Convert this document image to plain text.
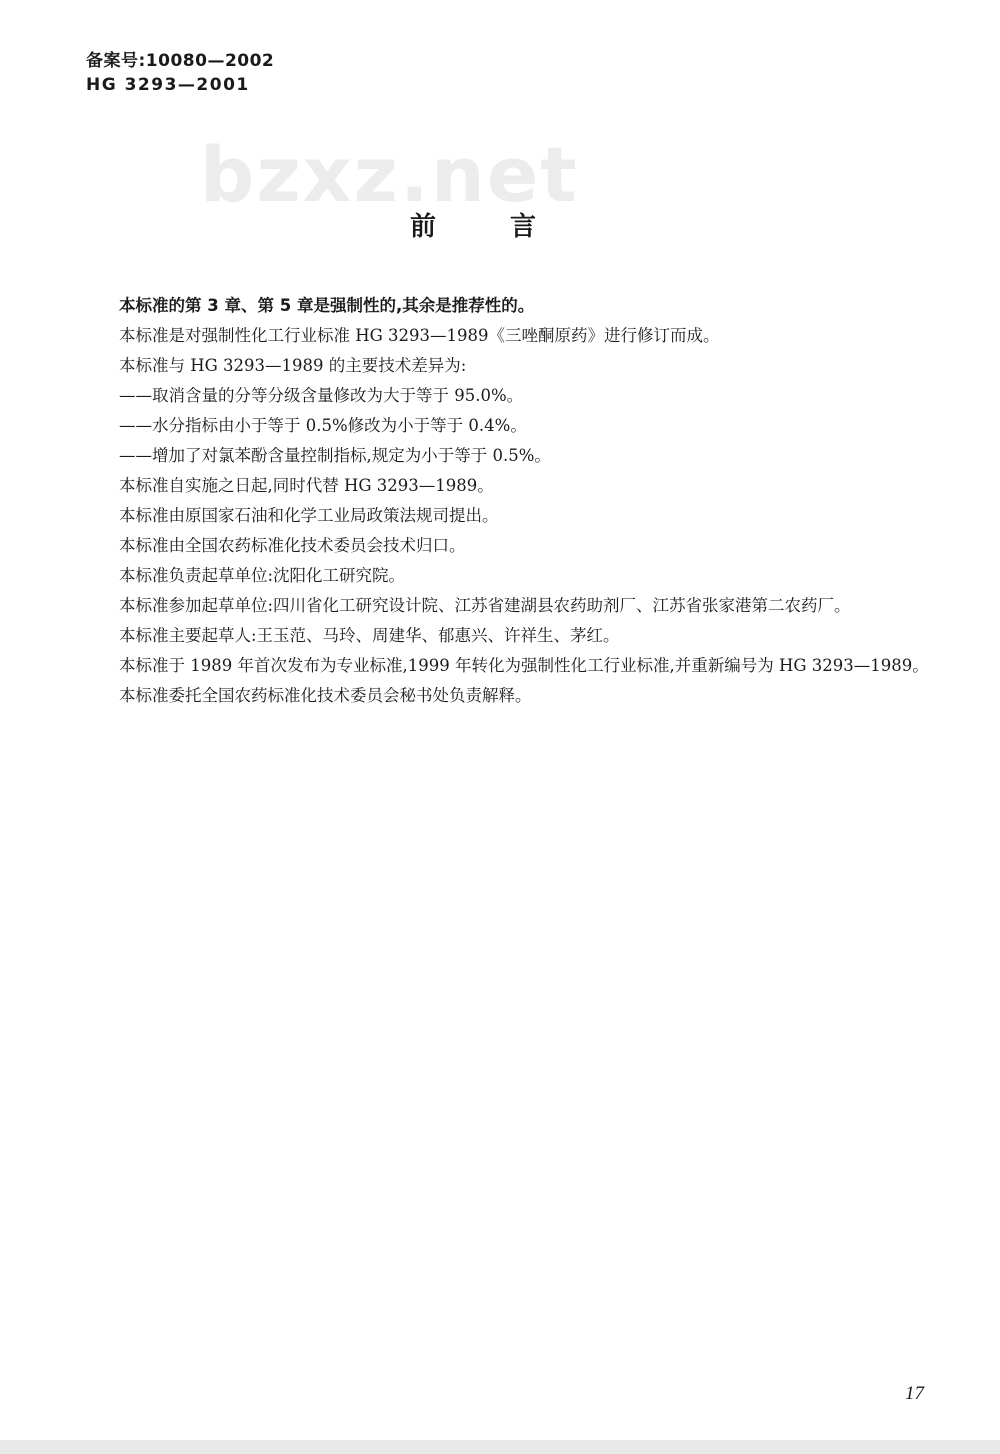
备案号:10080—2002
HG 3293—2001
bzxz.net
前言

本标准的第 3 章、第 5 章是强制性的,其余是推荐性的。

本标准是对强制性化工行业标准 HG 3293—1989《三唑酮原药》进行修订而成。

本标准与 HG 3293—1989 的主要技术差异为:

——取消含量的分等分级含量修改为大于等于 95.0%。

——水分指标由小于等于 0.5%修改为小于等于 0.4%。

——增加了对氯苯酚含量控制指标,规定为小于等于 0.5%。

本标准自实施之日起,同时代替 HG 3293—1989。

本标准由原国家石油和化学工业局政策法规司提出。

本标准由全国农药标准化技术委员会技术归口。

本标准负责起草单位:沈阳化工研究院。

本标准参加起草单位:四川省化工研究设计院、江苏省建湖县农药助剂厂、江苏省张家港第二农药厂。

本标准主要起草人:王玉范、马玲、周建华、郁惠兴、许祥生、茅红。

本标准于 1989 年首次发布为专业标准,1999 年转化为强制性化工行业标准,并重新编号为 HG 3293—1989。

本标准委托全国农药标准化技术委员会秘书处负责解释。

17
